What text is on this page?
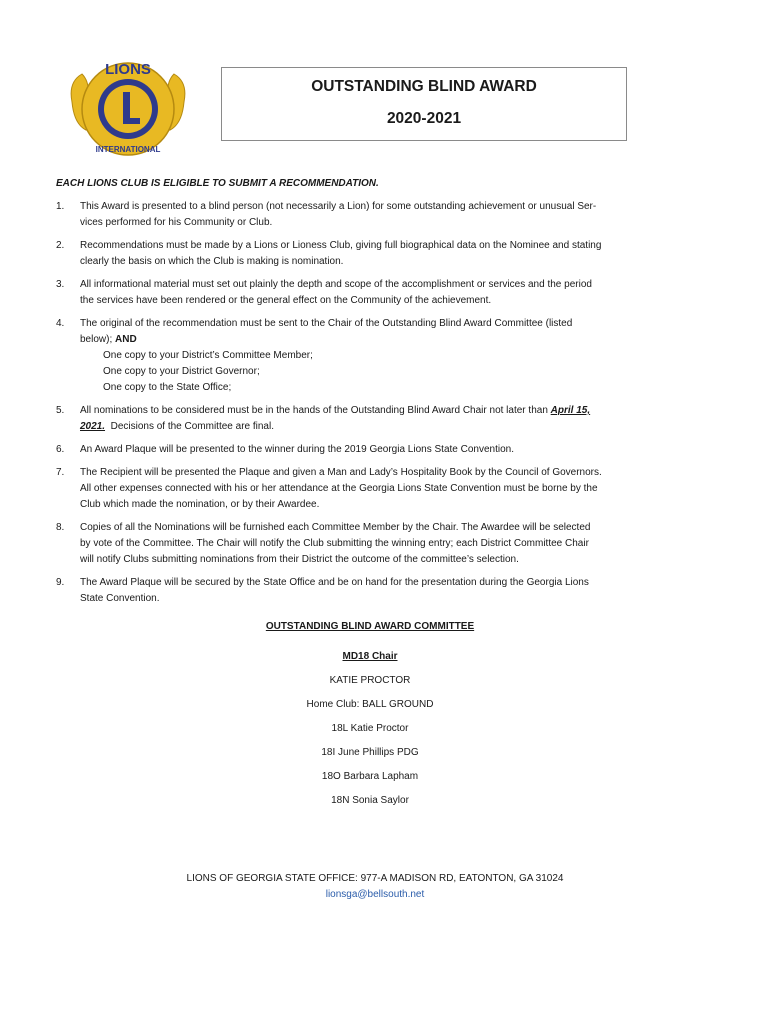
LIONS
INTERNATIONAL
OUTSTANDING BLIND AWARD
2020-2021
EACH LIONS CLUB IS ELIGIBLE TO SUBMIT A RECOMMENDATION.
1. This Award is presented to a blind person (not necessarily a Lion) for some outstanding achievement or unusual Ser-
vices performed for his Community or Club.
2. Recommendations must be made by a Lions or Lioness Club, giving full biographical data on the Nominee and stating
clearly the basis on which the Club is making is nomination.
3. All informational material must set out plainly the depth and scope of the accomplishment or services and the period
the services have been rendered or the general effect on the Community of the achievement.
4. The original of the recommendation must be sent to the Chair of the Outstanding Blind Award Committee (listed
below); AND
One copy to your District’s Committee Member;
One copy to your District Governor;
One copy to the State Office;
5. All nominations to be considered must be in the hands of the Outstanding Blind Award Chair not later than April 15,
2021. Decisions of the Committee are final.
6. An Award Plaque will be presented to the winner during the 2019 Georgia Lions State Convention.
7. The Recipient will be presented the Plaque and given a Man and Lady’s Hospitality Book by the Council of Governors.
All other expenses connected with his or her attendance at the Georgia Lions State Convention must be borne by the
Club which made the nomination, or by their Awardee.
8. Copies of all the Nominations will be furnished each Committee Member by the Chair. The Awardee will be selected
by vote of the Committee. The Chair will notify the Club submitting the winning entry; each District Committee Chair
will notify Clubs submitting nominations from their District the outcome of the committee’s selection.
9. The Award Plaque will be secured by the State Office and be on hand for the presentation during the Georgia Lions
State Convention.
OUTSTANDING BLIND AWARD COMMITTEE
MD18 Chair
KATIE PROCTOR
Home Club: BALL GROUND
18L Katie Proctor
18I June Phillips PDG
18O Barbara Lapham
18N Sonia Saylor
LIONS OF GEORGIA STATE OFFICE: 977-A MADISON RD, EATONTON, GA 31024
lionsga@bellsouth.net
